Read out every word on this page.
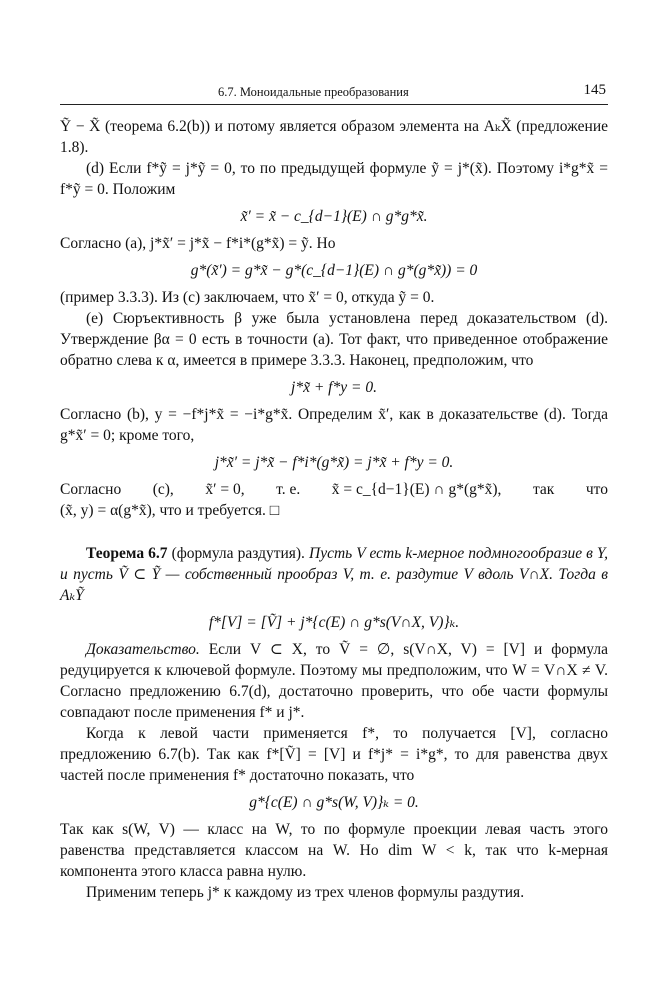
6.7. Моноидальные преобразования	145

Ỹ − X̃ (теорема 6.2(b)) и потому является образом элемента на AₖX̃ (предложение 1.8).

(d) Если f*ỹ = j*ỹ = 0, то по предыдущей формуле ỹ = j*(x̃). Поэтому i*g*x̃ = f*ỹ = 0. Положим

x̃′ = x̃ − c_{d−1}(E) ∩ g*g*x̃.

Согласно (a), j*x̃′ = j*x̃ − f*i*(g*x̃) = ỹ. Но

g*(x̃′) = g*x̃ − g*(c_{d−1}(E) ∩ g*(g*x̃)) = 0

(пример 3.3.3). Из (c) заключаем, что x̃′ = 0, откуда ỹ = 0.

(e) Сюръективность β уже была установлена перед доказательством (d). Утверждение βα = 0 есть в точности (a). Тот факт, что приведенное отображение обратно слева к α, имеется в примере 3.3.3. Наконец, предположим, что

j*x̃ + f*y = 0.

Согласно (b), y = −f*j*x̃ = −i*g*x̃. Определим x̃′, как в доказательстве (d). Тогда g*x̃′ = 0; кроме того,

j*x̃′ = j*x̃ − f*i*(g*x̃) = j*x̃ + f*y = 0.
Согласно (c), x̃′ = 0, т. е. x̃ = c_{d−1}(E) ∩ g*(g*x̃), так что

(x̃, y) = α(g*x̃), что и требуется. □

Теорема 6.7 (формула раздутия). Пусть V есть k-мерное подмногообразие в Y, и пусть Ṽ ⊂ Ỹ — собственный прообраз V, т. е. раздутие V вдоль V∩X. Тогда в AₖỸ

f*[V] = [Ṽ] + j*{c(E) ∩ g*s(V∩X, V)}ₖ.

Доказательство. Если V ⊂ X, то Ṽ = ∅, s(V∩X, V) = [V] и формула редуцируется к ключевой формуле. Поэтому мы предположим, что W = V∩X ≠ V. Согласно предложению 6.7(d), достаточно проверить, что обе части формулы совпадают после применения f* и j*.

Когда к левой части применяется f*, то получается [V], согласно предложению 6.7(b). Так как f*[Ṽ] = [V] и f*j* = i*g*, то для равенства двух частей после применения f* достаточно показать, что

g*{c(E) ∩ g*s(W, V)}ₖ = 0.

Так как s(W, V) — класс на W, то по формуле проекции левая часть этого равенства представляется классом на W. Но dim W < k, так что k-мерная компонента этого класса равна нулю.

Применим теперь j* к каждому из трех членов формулы раздутия.
